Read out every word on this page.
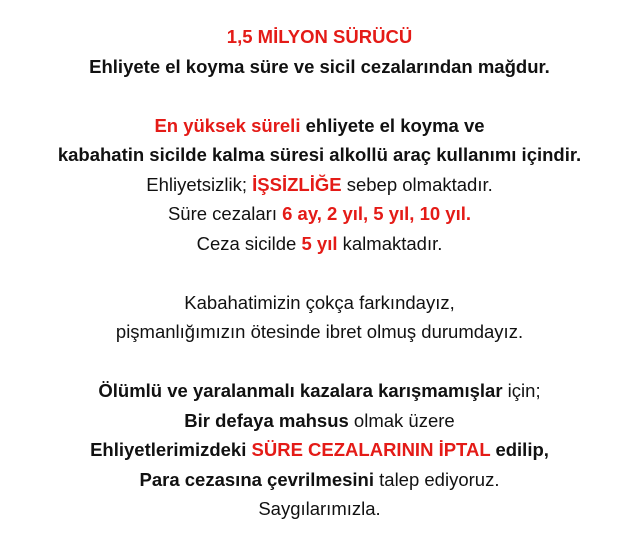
1,5 MİLYON SÜRÜCÜ
Ehliyete el koyma süre ve sicil cezalarından mağdur.
En yüksek süreli ehliyete el koyma ve
kabahatin sicilde kalma süresi alkollü araç kullanımı içindir.
Ehliyetsizlik; İŞSİZLİĞE sebep olmaktadır.
Süre cezaları 6 ay, 2 yıl, 5 yıl, 10 yıl.
Ceza sicilde 5 yıl kalmaktadır.
Kabahatimizin çokça farkındayız,
pişmanlığımızın ötesinde ibret olmuş durumdayız.
Ölümlü ve yaralanmalı kazalara karışmamışlar için;
Bir defaya mahsus olmak üzere
Ehliyetlerimizdeki SÜRE CEZALARININ İPTAL edilip,
Para cezasına çevrilmesini talep ediyoruz.
Saygılarımızla.
